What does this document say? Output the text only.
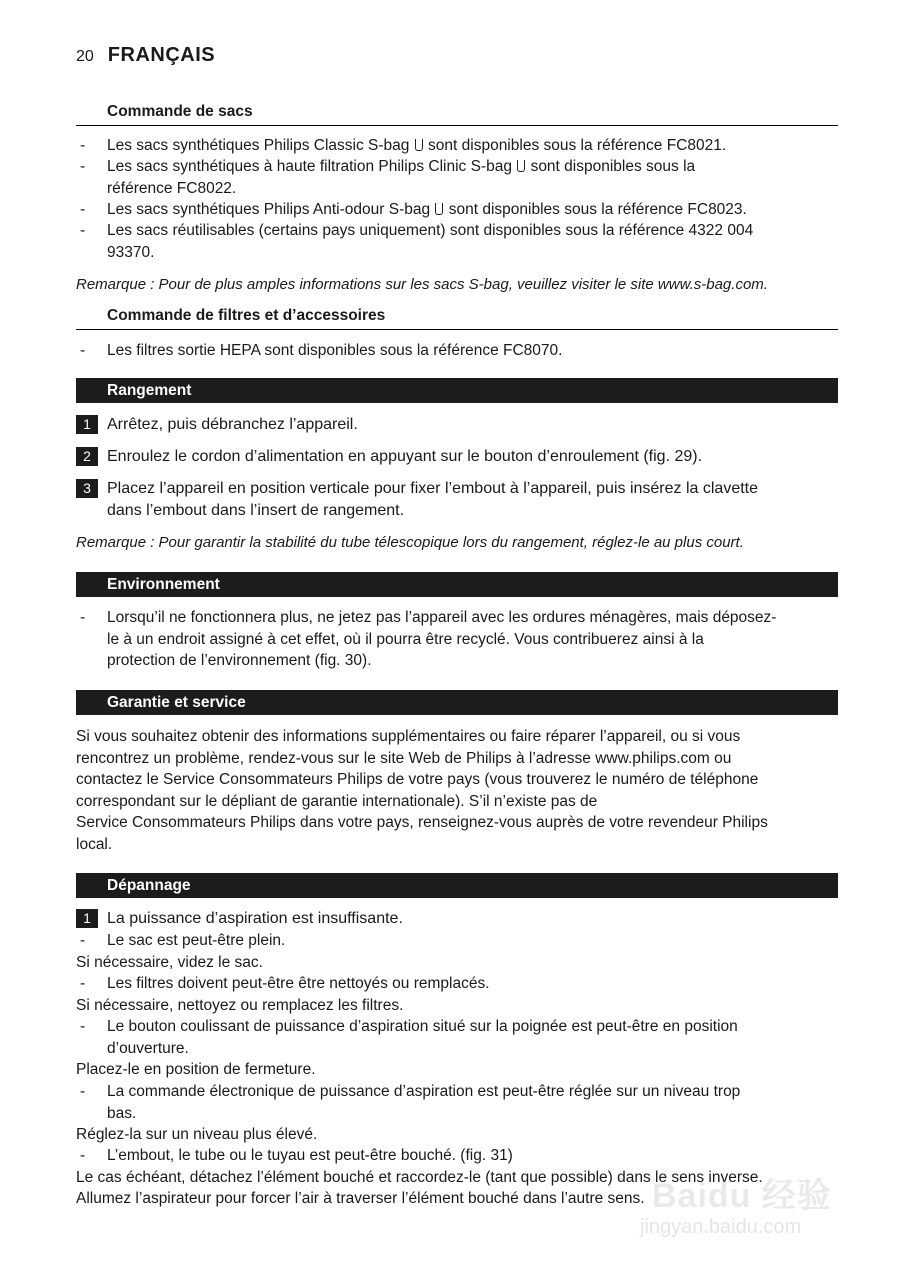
20 FRANÇAIS
Commande de sacs
- Les sacs synthétiques Philips Classic S-bag sont disponibles sous la référence FC8021.
- Les sacs synthétiques à haute filtration Philips Clinic S-bag sont disponibles sous la
référence FC8022.
- Les sacs synthétiques Philips Anti-odour S-bag sont disponibles sous la référence FC8023.
- Les sacs réutilisables (certains pays uniquement) sont disponibles sous la référence 4322 004
93370.
Remarque : Pour de plus amples informations sur les sacs S-bag, veuillez visiter le site www.s-bag.com.
Commande de filtres et d’accessoires
- Les filtres sortie HEPA sont disponibles sous la référence FC8070.
Rangement
1	Arrêtez, puis débranchez l’appareil.
2	Enroulez le cordon d’alimentation en appuyant sur le bouton d’enroulement (fig. 29).
3	Placez l’appareil en position verticale pour fixer l’embout à l’appareil, puis insérez la clavette
dans l’embout dans l’insert de rangement.
Remarque : Pour garantir la stabilité du tube télescopique lors du rangement, réglez-le au plus court.
Environnement
- Lorsqu’il ne fonctionnera plus, ne jetez pas l’appareil avec les ordures ménagères, mais déposez-
le à un endroit assigné à cet effet, où il pourra être recyclé. Vous contribuerez ainsi à la
protection de l’environnement (fig. 30).
Garantie et service
Si vous souhaitez obtenir des informations supplémentaires ou faire réparer l’appareil, ou si vous
rencontrez un problème, rendez-vous sur le site Web de Philips à l’adresse www.philips.com ou
contactez le Service Consommateurs Philips de votre pays (vous trouverez le numéro de téléphone
correspondant sur le dépliant de garantie internationale). S’il n’existe pas de
Service Consommateurs Philips dans votre pays, renseignez-vous auprès de votre revendeur Philips
local.
Dépannage
1	La puissance d’aspiration est insuffisante.
- Le sac est peut-être plein.
Si nécessaire, videz le sac.
- Les filtres doivent peut-être être nettoyés ou remplacés.
Si nécessaire, nettoyez ou remplacez les filtres.
- Le bouton coulissant de puissance d’aspiration situé sur la poignée est peut-être en position
d’ouverture.
Placez-le en position de fermeture.
- La commande électronique de puissance d’aspiration est peut-être réglée sur un niveau trop
bas.
Réglez-la sur un niveau plus élevé.
- L’embout, le tube ou le tuyau est peut-être bouché. (fig. 31)
Le cas échéant, détachez l’élément bouché et raccordez-le (tant que possible) dans le sens inverse.
Allumez l’aspirateur pour forcer l’air à traverser l’élément bouché dans l’autre sens. Baidu 经验
jingyan.baidu.com
